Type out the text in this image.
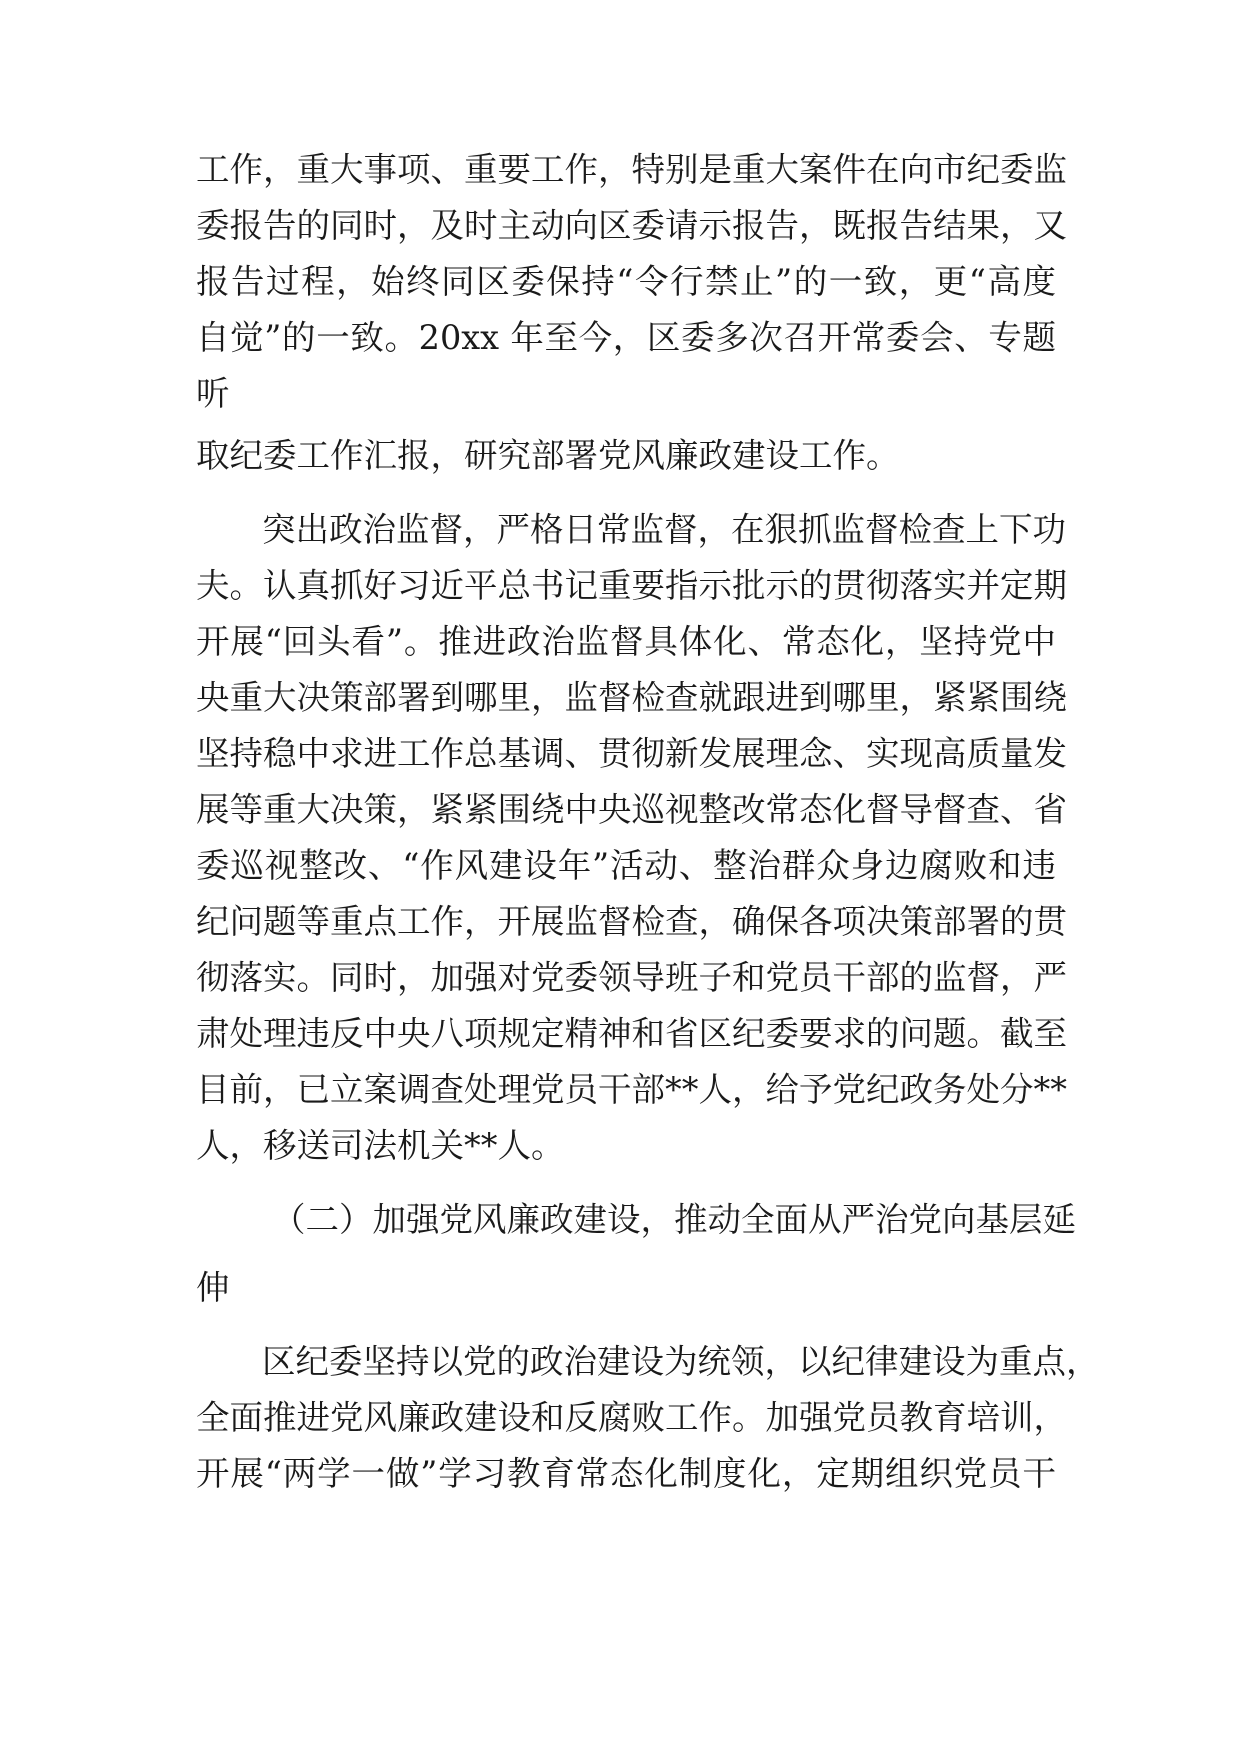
工作，重大事项、重要工作，特别是重大案件在向市纪委监

委报告的同时，及时主动向区委请示报告，既报告结果，又

报告过程，始终同区委保持“令行禁止”的一致，更“高度

自觉”的一致。20xx 年至今，区委多次召开常委会、专题

听

取纪委工作汇报，研究部署党风廉政建设工作。

突出政治监督，严格日常监督，在狠抓监督检查上下功

夫。认真抓好习近平总书记重要指示批示的贯彻落实并定期

开展“回头看”。推进政治监督具体化、常态化，坚持党中

央重大决策部署到哪里，监督检查就跟进到哪里，紧紧围绕

坚持稳中求进工作总基调、贯彻新发展理念、实现高质量发

展等重大决策，紧紧围绕中央巡视整改常态化督导督查、省

委巡视整改、“作风建设年”活动、整治群众身边腐败和违

纪问题等重点工作，开展监督检查，确保各项决策部署的贯

彻落实。同时，加强对党委领导班子和党员干部的监督，严

肃处理违反中央八项规定精神和省区纪委要求的问题。截至

目前，已立案调查处理党员干部**人，给予党纪政务处分**

人，移送司法机关**人。

（二）加强党风廉政建设，推动全面从严治党向基层延

伸

区纪委坚持以党的政治建设为统领，以纪律建设为重点，

全面推进党风廉政建设和反腐败工作。加强党员教育培训，

开展“两学一做”学习教育常态化制度化，定期组织党员干
